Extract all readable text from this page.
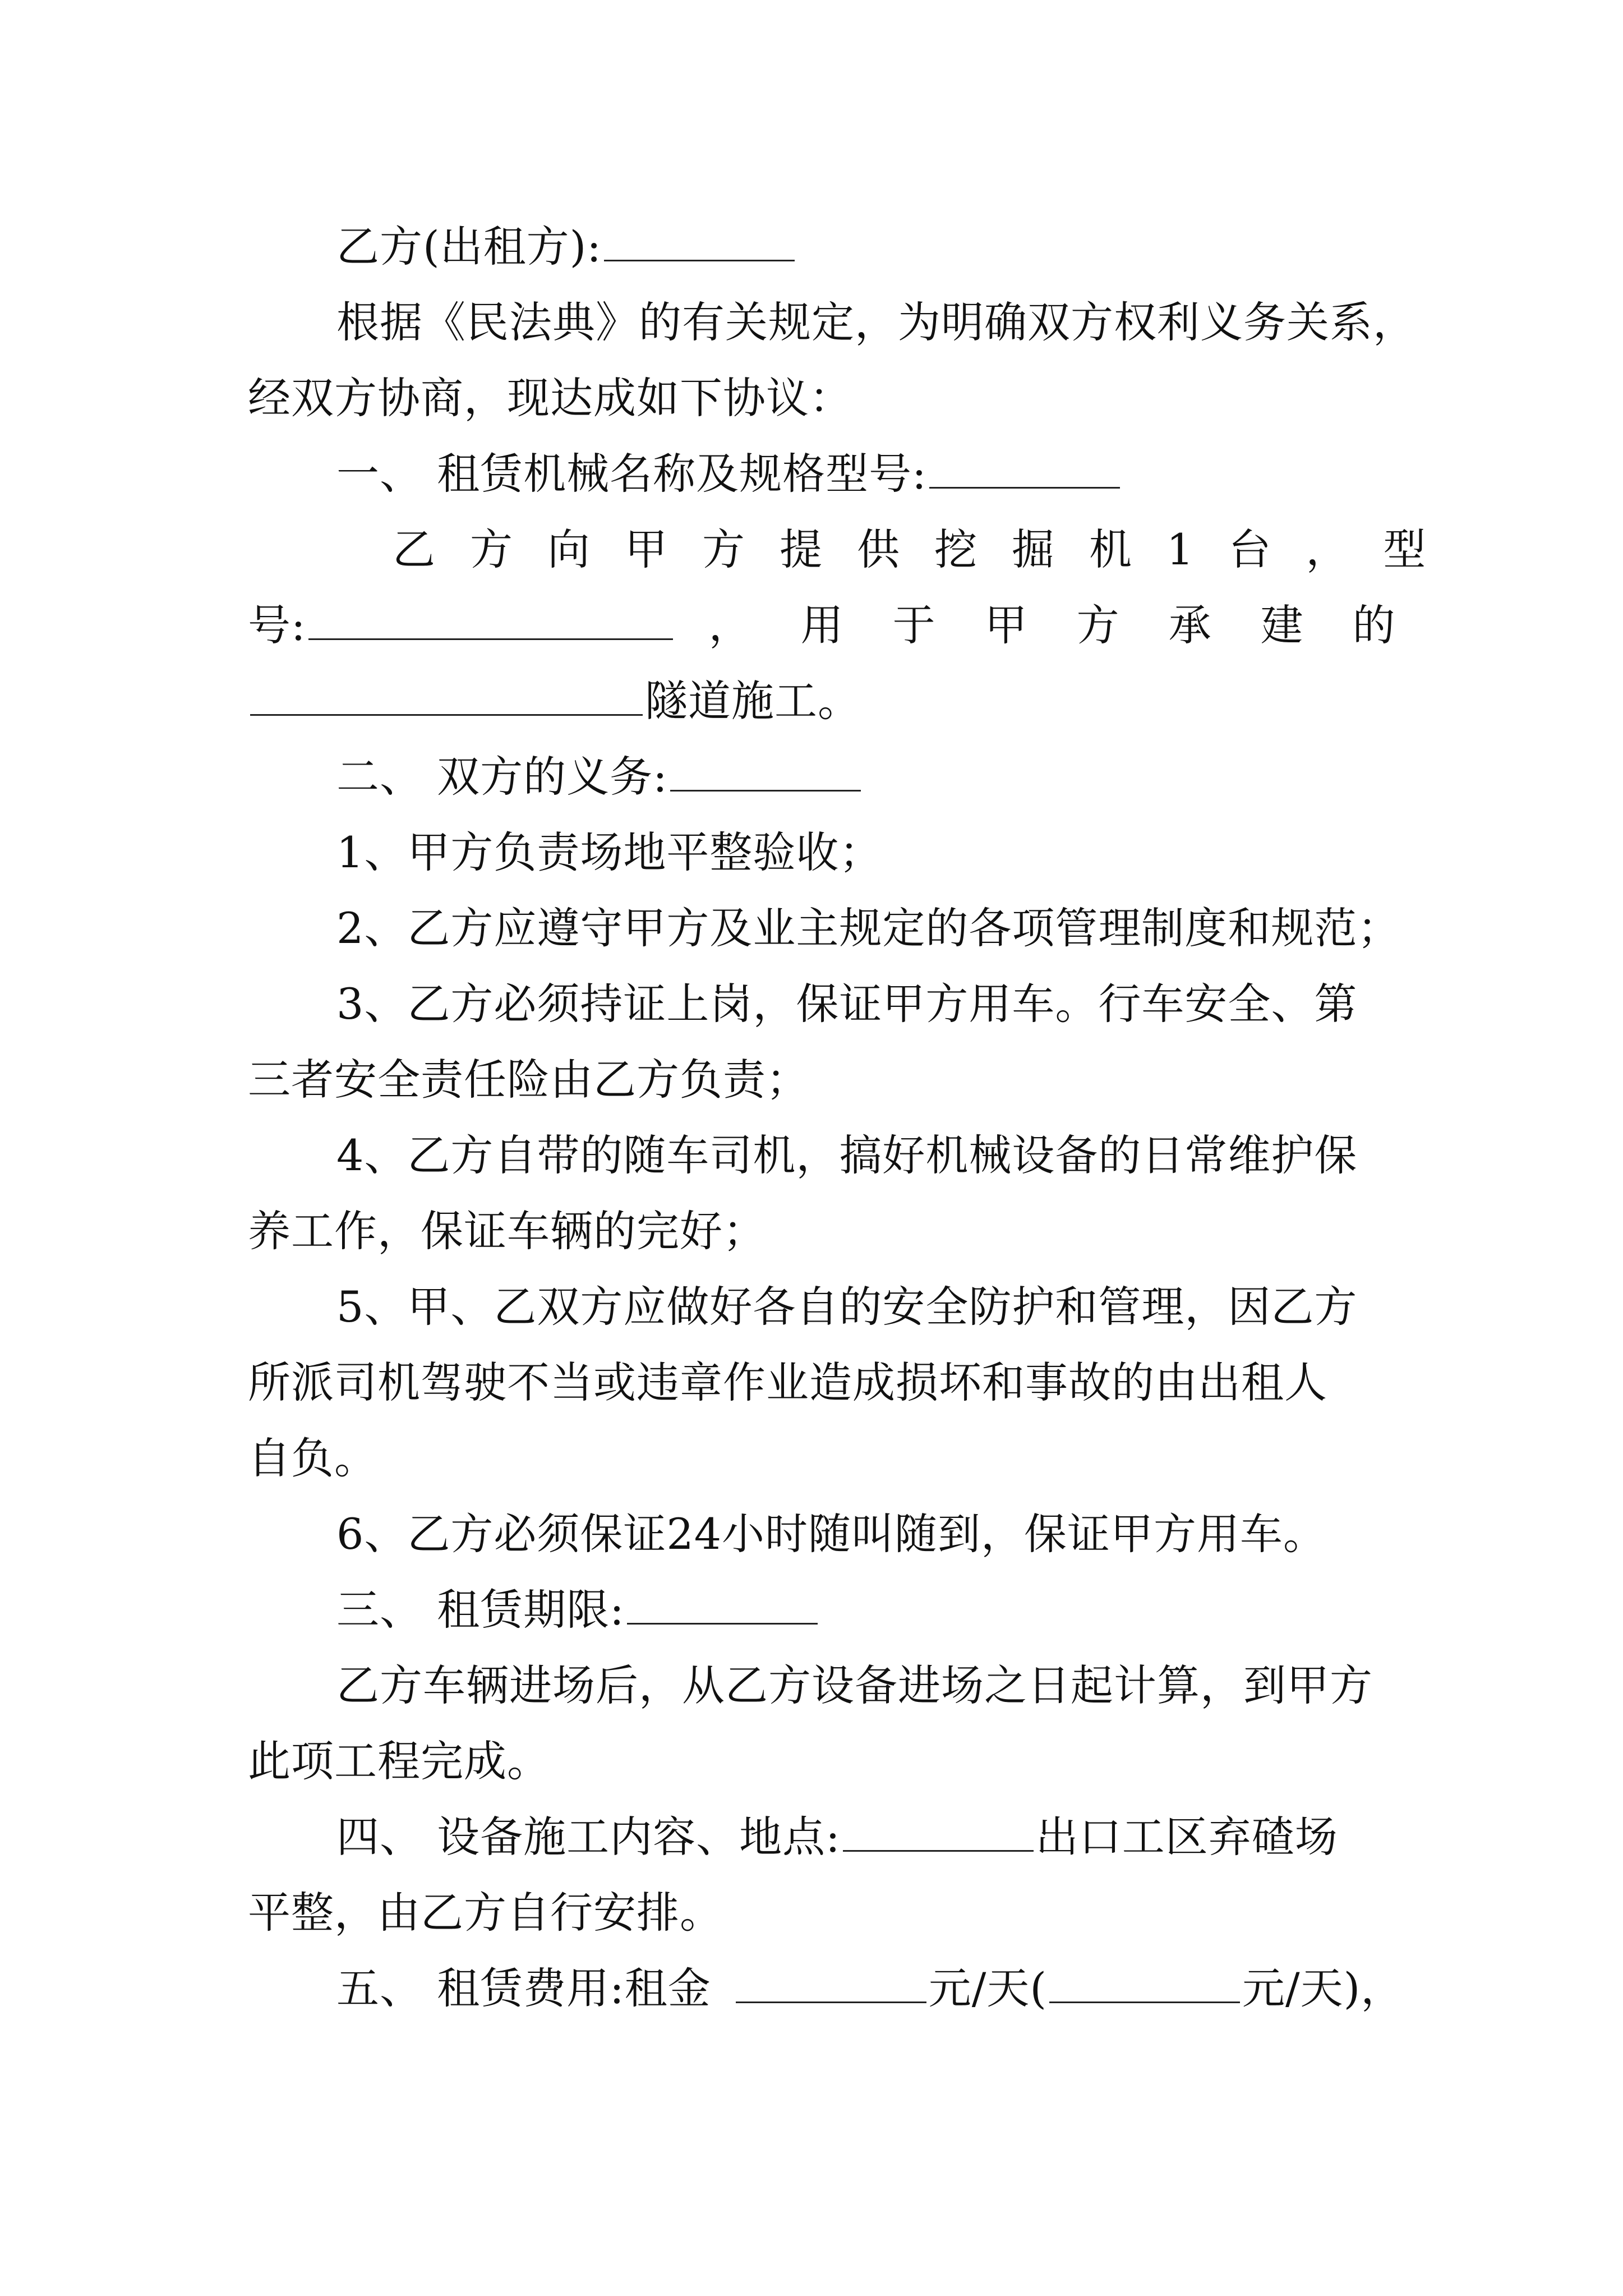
乙方(出租方):
根据《民法典》的有关规定，为明确双方权利义务关系，
经双方协商，现达成如下协议：
一、 租赁机械名称及规格型号:
乙方向甲方提供挖掘机1台，型
号:	，用于甲方承建的
隧道施工。
二、 双方的义务:
1、甲方负责场地平整验收；
2、乙方应遵守甲方及业主规定的各项管理制度和规范；
3、乙方必须持证上岗，保证甲方用车。行车安全、第
三者安全责任险由乙方负责；
4、乙方自带的随车司机，搞好机械设备的日常维护保
养工作，保证车辆的完好；
5、甲、乙双方应做好各自的安全防护和管理，因乙方
所派司机驾驶不当或违章作业造成损坏和事故的由出租人
自负。
6、乙方必须保证24小时随叫随到，保证甲方用车。
三、 租赁期限:
乙方车辆进场后，从乙方设备进场之日起计算，到甲方
此项工程完成。
四、 设备施工内容、地点:	出口工区弃碴场
平整，由乙方自行安排。
五、 租赁费用:租金	元/天(	元/天)，
